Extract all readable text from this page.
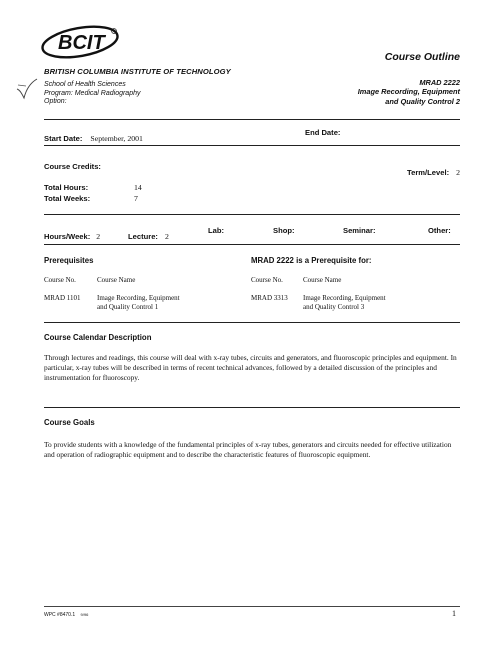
BCIT
BRITISH COLUMBIA INSTITUTE OF TECHNOLOGY
School of Health Sciences
Program: Medical Radiography
Option:
Course Outline
MRAD 2222
Image Recording, Equipment
and Quality Control 2
Start Date: September, 2001
End Date:
Course Credits:
Term/Level: 2
Total Hours:	14
Total Weeks:	7
Hours/Week: 2	Lecture: 2
Lab:	Shop:	Seminar:	Other:
Prerequisites
Course No.	Course Name
MRAD 1101 Image Recording, Equipment
and Quality Control 1
MRAD 2222 is a Prerequisite for:
Course No.	Course Name
MRAD 3313 Image Recording, Equipment
and Quality Control 3
Course Calendar Description
Through lectures and readings, this course will deal with x-ray tubes, circuits and generators, and fluoroscopic principles and equipment. In particular, x-ray tubes will be described in terms of recent technical advances, followed by a detailed discussion of the principles and instrumentation for fluoroscopy.
Course Goals
To provide students with a knowledge of the fundamental principles of x-ray tubes, generators and circuits needed for effective utilization and operation of radiographic equipment and to describe the characteristic features of fluoroscopic equipment.
WPC #8470.1 9/96	1
